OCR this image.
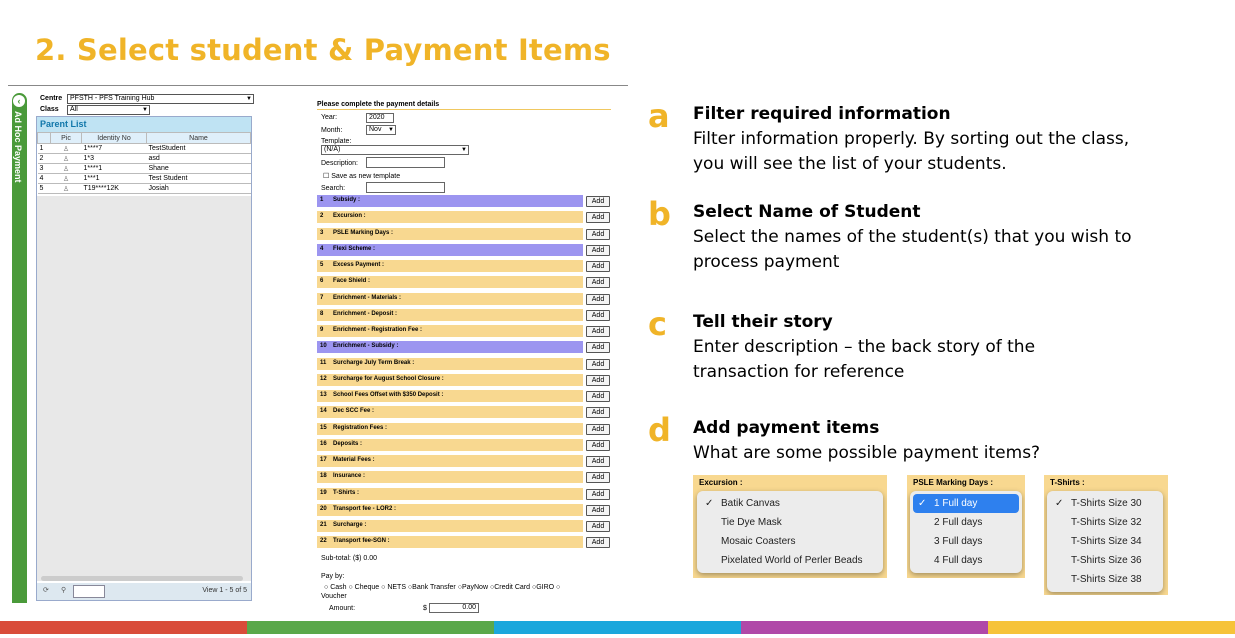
2. Select student & Payment Items
‹
Ad Hoc Payment
Centre	PFSTH - PFS Training Hub	▼
Class	All	▼
Parent List
	Pic	Identity No	Name
1	♙	1****7	TestStudent
2	♙	1*3	asd
3	♙	1****1	Shane
4	♙	1***1	Test Student
5	♙	T19****12K	Josiah
⟳ ⚲	View 1 - 5 of 5
Please complete the payment details
Year:	2020
Month:	Nov ▼
Template:
(N/A)	▼
Description:
☐ Save as new template
Search:
1 Subsidy :	Add
2 Excursion :	Add
3 PSLE Marking Days :	Add
4 Flexi Scheme :	Add
5 Excess Payment :	Add
6 Face Shield :	Add
7 Enrichment - Materials :	Add
8 Enrichment - Deposit :	Add
9 Enrichment - Registration Fee :	Add
10 Enrichment - Subsidy :	Add
11 Surcharge July Term Break :	Add
12 Surcharge for August School Closure :	Add
13 School Fees Offset with $350 Deposit :	Add
14 Dec SCC Fee :	Add
15 Registration Fees :	Add
16 Deposits :	Add
17 Material Fees :	Add
18 Insurance :	Add
19 T-Shirts :	Add
20 Transport fee - LOR2 :	Add
21 Surcharge :	Add
22 Transport fee-SGN :	Add
Sub-total: ($) 0.00
Pay by:
○ Cash ○ Cheque ○ NETS ○Bank Transfer ○PayNow ○Credit Card ○GIRO ○
Voucher
Amount:	$	0.00
a Filter required information
Filter information properly. By sorting out the class, you will see the list of your students.
b Select Name of Student
Select the names of the student(s) that you wish to process payment
c Tell their story
Enter description – the back story of the transaction for reference
d Add payment items
What are some possible payment items?
Excursion :
✓ Batik Canvas
Tie Dye Mask
Mosaic Coasters
Pixelated World of Perler Beads
PSLE Marking Days :
✓ 1 Full day
2 Full days
3 Full days
4 Full days
T-Shirts :
✓ T-Shirts Size 30
T-Shirts Size 32
T-Shirts Size 34
T-Shirts Size 36
T-Shirts Size 38
